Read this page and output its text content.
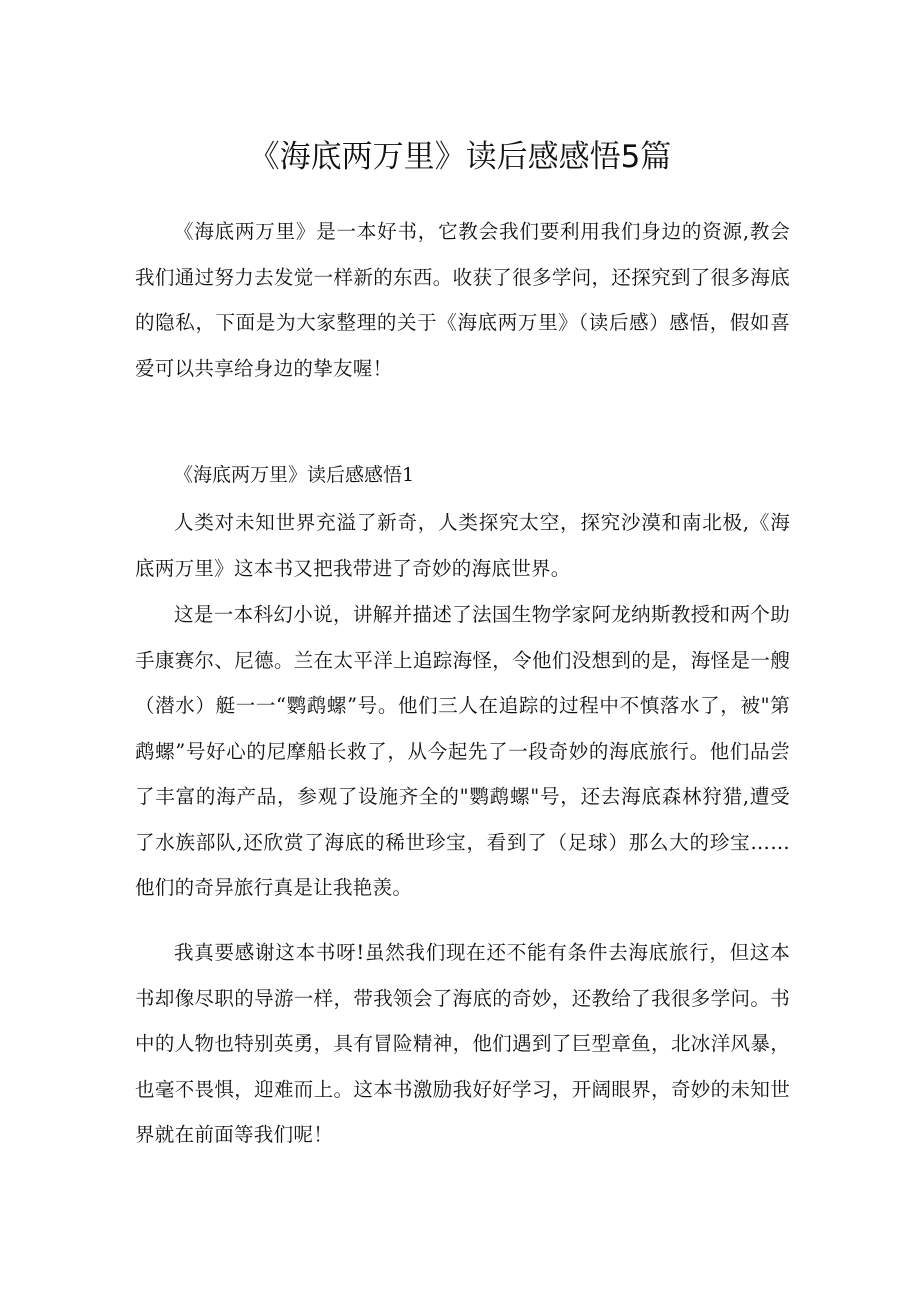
《海底两万里》读后感感悟5篇

《海底两万里》是一本好书，它教会我们要利用我们身边的资源,教会我们通过努力去发觉一样新的东西。收获了很多学问，还探究到了很多海底的隐私，下面是为大家整理的关于《海底两万里》（读后感）感悟，假如喜爱可以共享给身边的挚友喔！

《海底两万里》读后感感悟1

人类对未知世界充溢了新奇，人类探究太空，探究沙漠和南北极,《海底两万里》这本书又把我带进了奇妙的海底世界。

这是一本科幻小说，讲解并描述了法国生物学家阿龙纳斯教授和两个助手康赛尔、尼德。兰在太平洋上追踪海怪，令他们没想到的是，海怪是一艘（潜水）艇一一“鹦鹉螺”号。他们三人在追踪的过程中不慎落水了，被"第鹉螺”号好心的尼摩船长救了，从今起先了一段奇妙的海底旅行。他们品尝了丰富的海产品，参观了设施齐全的"鹦鹉螺"号，还去海底森林狩猎,遭受了水族部队,还欣赏了海底的稀世珍宝，看到了（足球）那么大的珍宝……他们的奇异旅行真是让我艳羡。

我真要感谢这本书呀!虽然我们现在还不能有条件去海底旅行，但这本书却像尽职的导游一样，带我领会了海底的奇妙，还教给了我很多学问。书中的人物也特别英勇，具有冒险精神，他们遇到了巨型章鱼，北冰洋风暴，也毫不畏惧，迎难而上。这本书激励我好好学习，开阔眼界，奇妙的未知世界就在前面等我们呢！
